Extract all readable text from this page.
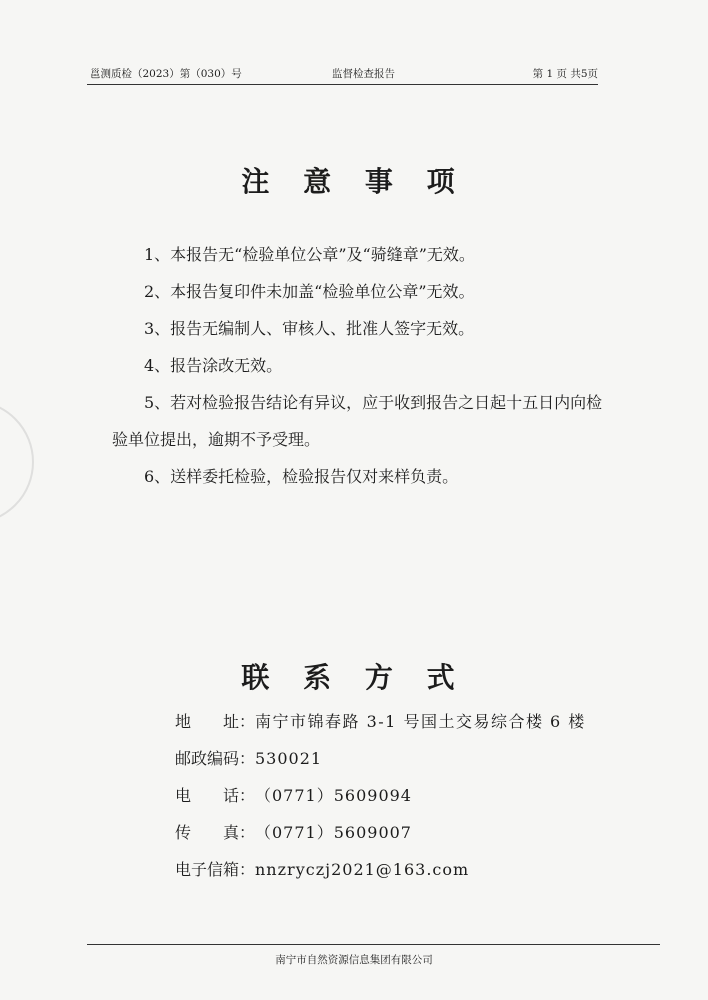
邕测质检（2023）第（030）号	监督检查报告	第 1 页 共5页
注 意 事 项
1、本报告无“检验单位公章”及“骑缝章”无效。
2、本报告复印件未加盖“检验单位公章”无效。
3、报告无编制人、审核人、批准人签字无效。
4、报告涂改无效。
5、若对检验报告结论有异议，应于收到报告之日起十五日内向检
验单位提出，逾期不予受理。
6、送样委托检验，检验报告仅对来样负责。
联 系 方 式
地　　址： 南宁市锦春路 3-1 号国土交易综合楼 6 楼
邮政编码： 530021
电　　话： （0771）5609094
传　　真： （0771）5609007
电子信箱： nnzryczj2021@163.com
南宁市自然资源信息集团有限公司
